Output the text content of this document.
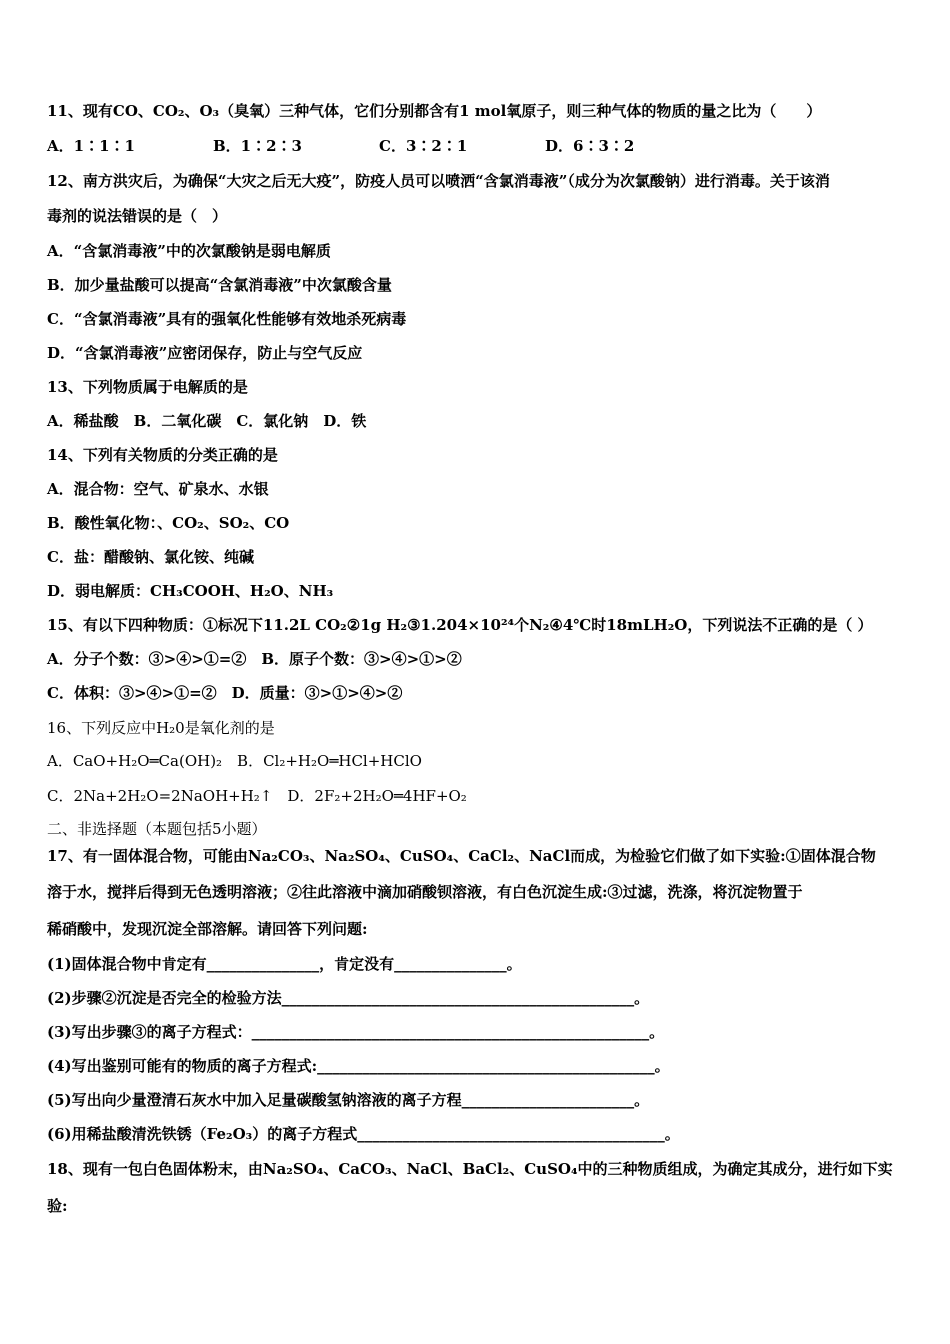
11、现有CO、CO₂、O₃（臭氧）三种气体，它们分别都含有1 mol氧原子，则三种气体的物质的量之比为（　　）
A．1∶1∶1	B．1∶2∶3	C．3∶2∶1	D．6∶3∶2
12、南方洪灾后，为确保“大灾之后无大疫”，防疫人员可以喷洒“含氯消毒液”（成分为次氯酸钠）进行消毒。关于该消
毒剂的说法错误的是（　）
A．“含氯消毒液”中的次氯酸钠是弱电解质
B．加少量盐酸可以提高“含氯消毒液”中次氯酸含量
C．“含氯消毒液”具有的强氧化性能够有效地杀死病毒
D．“含氯消毒液”应密闭保存，防止与空气反应
13、下列物质属于电解质的是
A．稀盐酸　B．二氧化碳　C．氯化钠　D．铁
14、下列有关物质的分类正确的是
A．混合物：空气、矿泉水、水银
B．酸性氧化物：、CO₂、SO₂、CO
C．盐：醋酸钠、氯化铵、纯碱
D．弱电解质：CH₃COOH、H₂O、NH₃
15、有以下四种物质：①标况下11.2L CO₂②1g H₂③1.204×10²⁴个N₂④4℃时18mLH₂O，下列说法不正确的是（ ）
A．分子个数：③>④>①=②　B．原子个数：③>④>①>②
C．体积：③>④>①=②　D．质量：③>①>④>②
16、下列反应中H₂0是氧化剂的是
A．CaO+H₂O═Ca(OH)₂　B．Cl₂+H₂O═HCl+HClO
C．2Na+2H₂O=2NaOH+H₂↑　D．2F₂+2H₂O═4HF+O₂
二、非选择题（本题包括5小题）
17、有一固体混合物，可能由Na₂CO₃、Na₂SO₄、CuSO₄、CaCl₂、NaCl而成，为检验它们做了如下实验:①固体混合物
溶于水，搅拌后得到无色透明溶液；②往此溶液中滴加硝酸钡溶液，有白色沉淀生成:③过滤，洗涤，将沉淀物置于
稀硝酸中，发现沉淀全部溶解。请回答下列问题:
(1)固体混合物中肯定有_______________，肯定没有_______________。
(2)步骤②沉淀是否完全的检验方法_______________________________________________。
(3)写出步骤③的离子方程式：_____________________________________________________。
(4)写出鉴别可能有的物质的离子方程式:_____________________________________________。
(5)写出向少量澄清石灰水中加入足量碳酸氢钠溶液的离子方程_______________________。
(6)用稀盐酸清洗铁锈（Fe₂O₃）的离子方程式_________________________________________。
18、现有一包白色固体粉末，由Na₂SO₄、CaCO₃、NaCl、BaCl₂、CuSO₄中的三种物质组成，为确定其成分，进行如下实
验:
